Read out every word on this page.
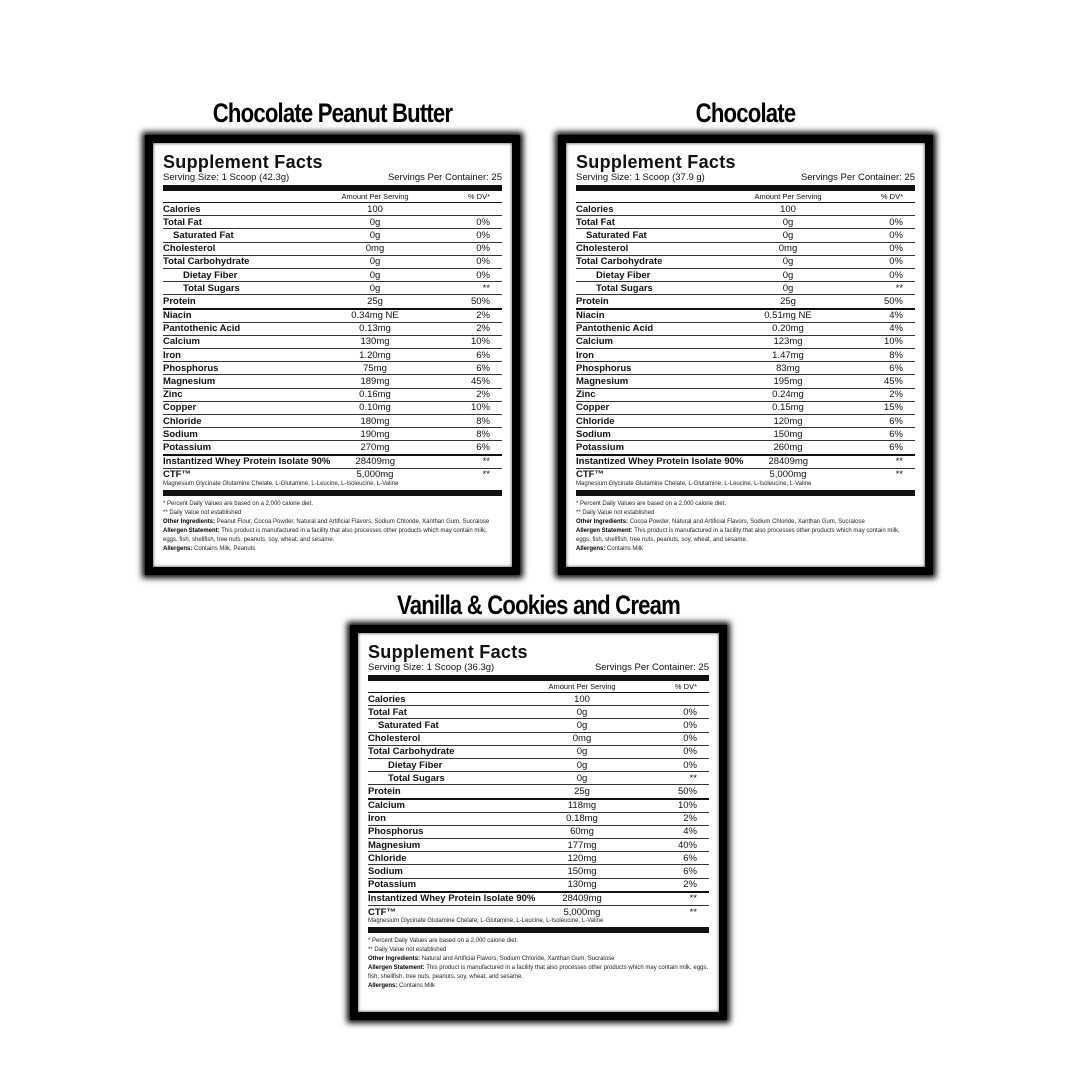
Chocolate Peanut Butter
Supplement Facts
Serving Size: 1 Scoop (42.3g)	Servings Per Container: 25
Amount Per Serving	% DV*
Calories	100
Total Fat	0g	0%
Saturated Fat	0g	0%
Cholesterol	0mg	0%
Total Carbohydrate	0g	0%
Dietay Fiber	0g	0%
Total Sugars	0g	**
Protein	25g	50%
Niacin	0.34mg NE	2%
Pantothenic Acid	0.13mg	2%
Calcium	130mg	10%
Iron	1.20mg	6%
Phosphorus	75mg	6%
Magnesium	189mg	45%
Zinc	0.16mg	2%
Copper	0.10mg	10%
Chloride	180mg	8%
Sodium	190mg	8%
Potassium	270mg	6%
Instantized Whey Protein Isolate 90%	28409mg	**
CTF™	5,000mg	**
Magnesium Glycinate Glutamine Chelate, L-Glutamine, L-Leucine, L-Isoleucine, L-Valine
* Percent Daily Values are based on a 2,000 calorie diet.
** Daily Value not established
Other Ingredients: Peanut Flour, Cocoa Powder, Natural and Artificial Flavors, Sodium Chloride, Xanthan Gum, Sucralose
Allergen Statement: This product is manufactured in a facility that also processes other products which may contain milk, eggs, fish, shellfish, tree nuts, peanuts, soy, wheat, and sesame.
Allergens: Contains Milk, Peanuts
Chocolate
Supplement Facts
Serving Size: 1 Scoop (37.9 g)	Servings Per Container: 25
Amount Per Serving	% DV*
Calories	100
Total Fat	0g	0%
Saturated Fat	0g	0%
Cholesterol	0mg	0%
Total Carbohydrate	0g	0%
Dietay Fiber	0g	0%
Total Sugars	0g	**
Protein	25g	50%
Niacin	0.51mg NE	4%
Pantothenic Acid	0.20mg	4%
Calcium	123mg	10%
Iron	1.47mg	8%
Phosphorus	83mg	6%
Magnesium	195mg	45%
Zinc	0.24mg	2%
Copper	0.15mg	15%
Chloride	120mg	6%
Sodium	150mg	6%
Potassium	260mg	6%
Instantized Whey Protein Isolate 90%	28409mg	**
CTF™	5,000mg	**
Magnesium Glycinate Glutamine Chelate, L-Glutamine, L-Leucine, L-Isoleucine, L-Valine
* Percent Daily Values are based on a 2,000 calorie diet.
** Daily Value not established
Other Ingredients: Cocoa Powder, Natural and Artificial Flavors, Sodium Chloride, Xanthan Gum, Sucralose
Allergen Statement: This product is manufactured in a facility that also processes other products which may contain milk, eggs, fish, shellfish, tree nuts, peanuts, soy, wheat, and sesame.
Allergens: Contains Milk
Vanilla & Cookies and Cream
Supplement Facts
Serving Size: 1 Scoop (36.3g)	Servings Per Container: 25
Amount Per Serving	% DV*
Calories	100
Total Fat	0g	0%
Saturated Fat	0g	0%
Cholesterol	0mg	0%
Total Carbohydrate	0g	0%
Dietay Fiber	0g	0%
Total Sugars	0g	**
Protein	25g	50%
Calcium	118mg	10%
Iron	0.18mg	2%
Phosphorus	60mg	4%
Magnesium	177mg	40%
Chloride	120mg	6%
Sodium	150mg	6%
Potassium	130mg	2%
Instantized Whey Protein Isolate 90%	28409mg	**
CTF™	5,000mg	**
Magnesium Glycinate Glutamine Chelate, L-Glutamine, L-Leucine, L-Isoleucine, L-Valine
* Percent Daily Values are based on a 2,000 calorie diet.
** Daily Value not established
Other Ingredients: Natural and Artificial Flavors, Sodium Chloride, Xanthan Gum, Sucralose
Allergen Statement: This product is manufactured in a facility that also processes other products which may contain milk, eggs, fish, shellfish, tree nuts, peanuts, soy, wheat, and sesame.
Allergens: Contains Milk
